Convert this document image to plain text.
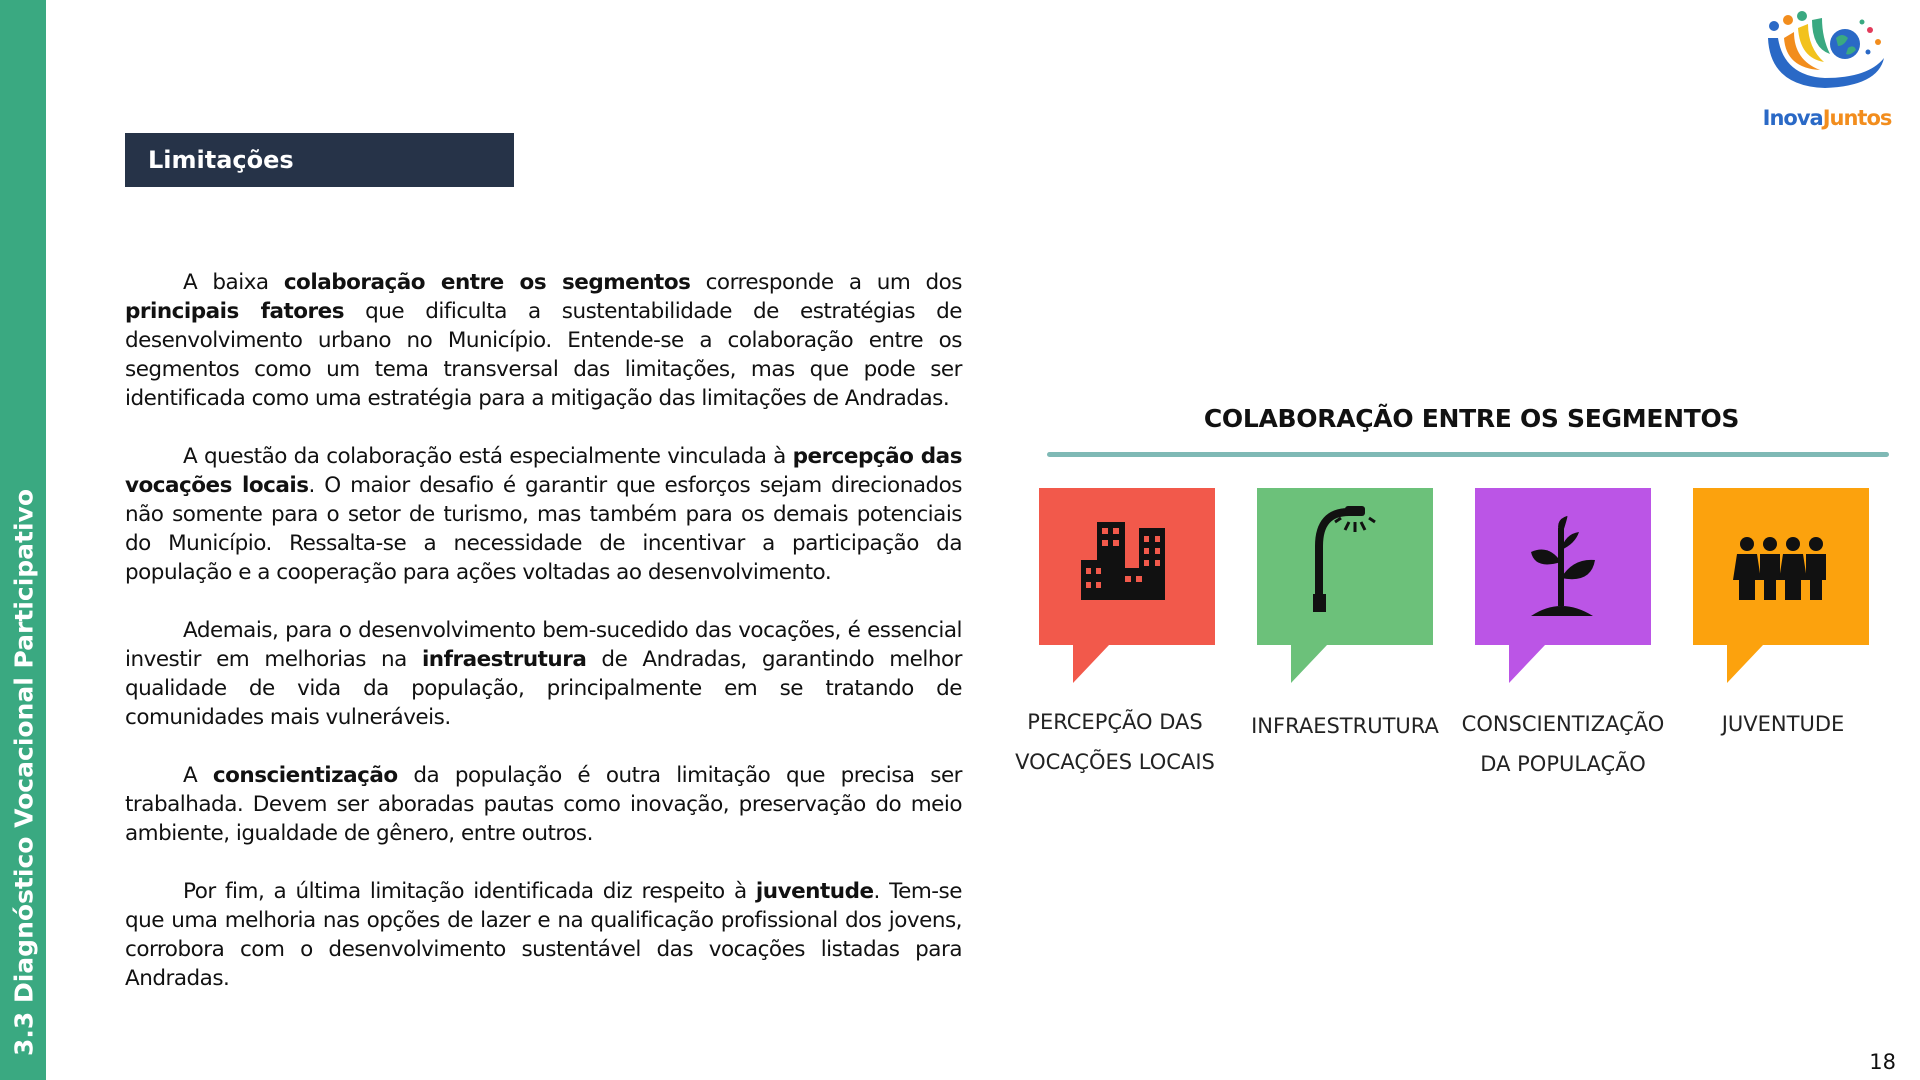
3.3 Diagnóstico Vocacional Participativo
InovaJuntos
Limitações

A baixa colaboração entre os segmentos corresponde a um dos principais fatores que dificulta a sustentabilidade de estratégias de desenvolvimento urbano no Município. Entende-se a colaboração entre os segmentos como um tema transversal das limitações, mas que pode ser identificada como uma estratégia para a mitigação das limitações de Andradas.

A questão da colaboração está especialmente vinculada à percepção das vocações locais. O maior desafio é garantir que esforços sejam direcionados não somente para o setor de turismo, mas também para os demais potenciais do Município. Ressalta-se a necessidade de incentivar a participação da população e a cooperação para ações voltadas ao desenvolvimento.

Ademais, para o desenvolvimento bem-sucedido das vocações, é essencial investir em melhorias na infraestrutura de Andradas, garantindo melhor qualidade de vida da população, principalmente em se tratando de comunidades mais vulneráveis.

A conscientização da população é outra limitação que precisa ser trabalhada. Devem ser aboradas pautas como inovação, preservação do meio ambiente, igualdade de gênero, entre outros.

Por fim, a última limitação identificada diz respeito à juventude. Tem-se que uma melhoria nas opções de lazer e na qualificação profissional dos jovens, corrobora com o desenvolvimento sustentável das vocações listadas para Andradas.

COLABORAÇÃO ENTRE OS SEGMENTOS
PERCEPÇÃO DAS
VOCAÇÕES LOCAIS
INFRAESTRUTURA	CONSCIENTIZAÇÃO
DA POPULAÇÃO
JUVENTUDE
18
